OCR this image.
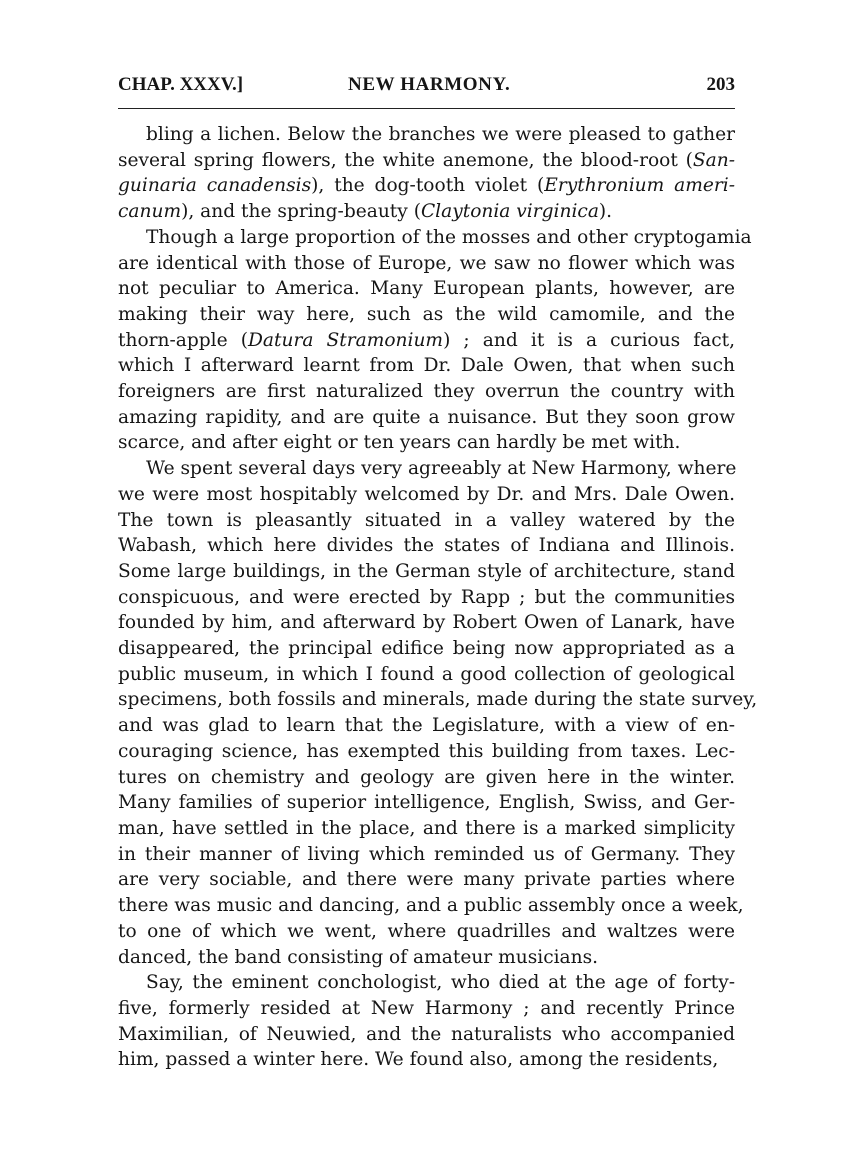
CHAP. XXXV.]	NEW HARMONY.	203
bling a lichen. Below the branches we were pleased to gather
several spring flowers, the white anemone, the blood-root (San-
guinaria canadensis), the dog-tooth violet (Erythronium ameri-
canum), and the spring-beauty (Claytonia virginica).
Though a large proportion of the mosses and other cryptogamia
are identical with those of Europe, we saw no flower which was
not peculiar to America. Many European plants, however, are
making their way here, such as the wild camomile, and the
thorn-apple (Datura Stramonium) ; and it is a curious fact,
which I afterward learnt from Dr. Dale Owen, that when such
foreigners are first naturalized they overrun the country with
amazing rapidity, and are quite a nuisance. But they soon grow
scarce, and after eight or ten years can hardly be met with.
We spent several days very agreeably at New Harmony, where
we were most hospitably welcomed by Dr. and Mrs. Dale Owen.
The town is pleasantly situated in a valley watered by the
Wabash, which here divides the states of Indiana and Illinois.
Some large buildings, in the German style of architecture, stand
conspicuous, and were erected by Rapp ; but the communities
founded by him, and afterward by Robert Owen of Lanark, have
disappeared, the principal edifice being now appropriated as a
public museum, in which I found a good collection of geological
specimens, both fossils and minerals, made during the state survey,
and was glad to learn that the Legislature, with a view of en-
couraging science, has exempted this building from taxes. Lec-
tures on chemistry and geology are given here in the winter.
Many families of superior intelligence, English, Swiss, and Ger-
man, have settled in the place, and there is a marked simplicity
in their manner of living which reminded us of Germany. They
are very sociable, and there were many private parties where
there was music and dancing, and a public assembly once a week,
to one of which we went, where quadrilles and waltzes were
danced, the band consisting of amateur musicians.
Say, the eminent conchologist, who died at the age of forty-
five, formerly resided at New Harmony ; and recently Prince
Maximilian, of Neuwied, and the naturalists who accompanied
him, passed a winter here. We found also, among the residents,
